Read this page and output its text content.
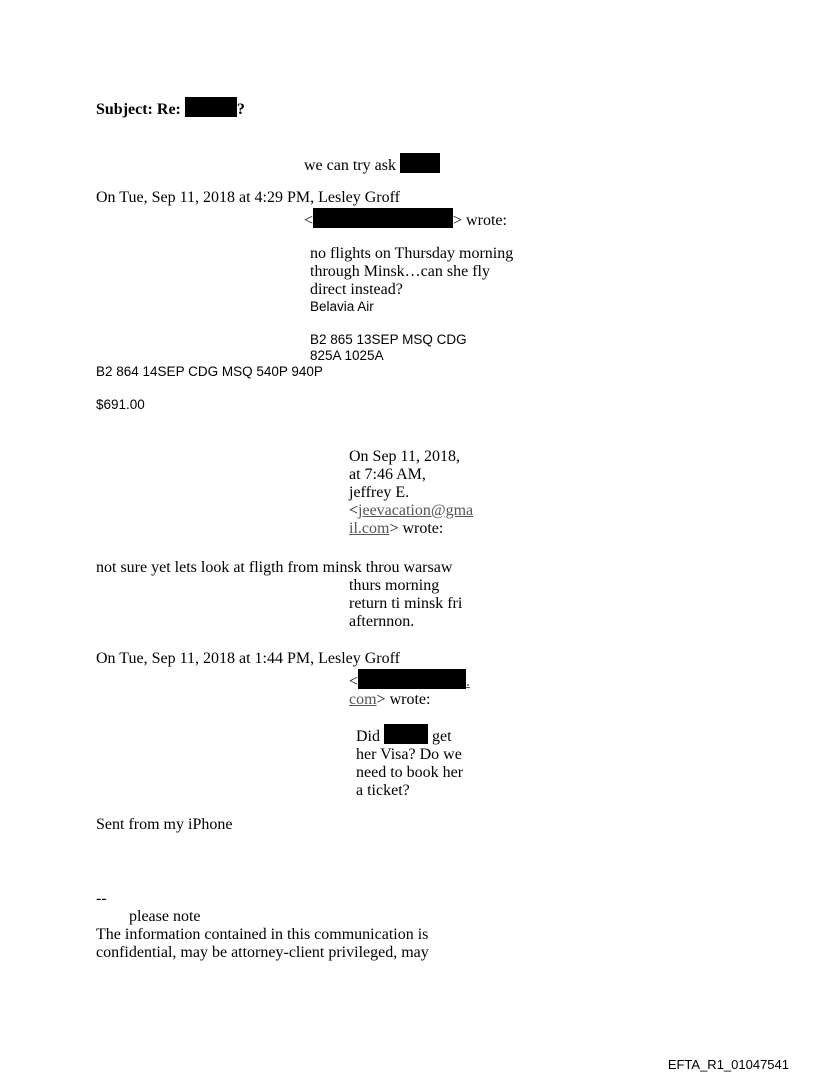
Subject: Re:	?
we can try ask
On Tue, Sep 11, 2018 at 4:29 PM, Lesley Groff
<	> wrote:
no flights on Thursday morning
through Minsk…can she fly
direct instead?
Belavia Air
B2 865 13SEP MSQ CDG
825A 1025A
B2 864 14SEP CDG MSQ 540P 940P
$691.00
On Sep 11, 2018,
at 7:46 AM,
jeffrey E.
<jeevacation@gma
il.com> wrote:
not sure yet lets look at fligth from minsk throu warsaw
thurs morning
return ti minsk fri
afternnon.
On Tue, Sep 11, 2018 at 1:44 PM, Lesley Groff
<	.
com> wrote:
Did	get
her Visa? Do we
need to book her
a ticket?
Sent from my iPhone
--
please note
The information contained in this communication is
confidential, may be attorney-client privileged, may
EFTA_R1_01047541
